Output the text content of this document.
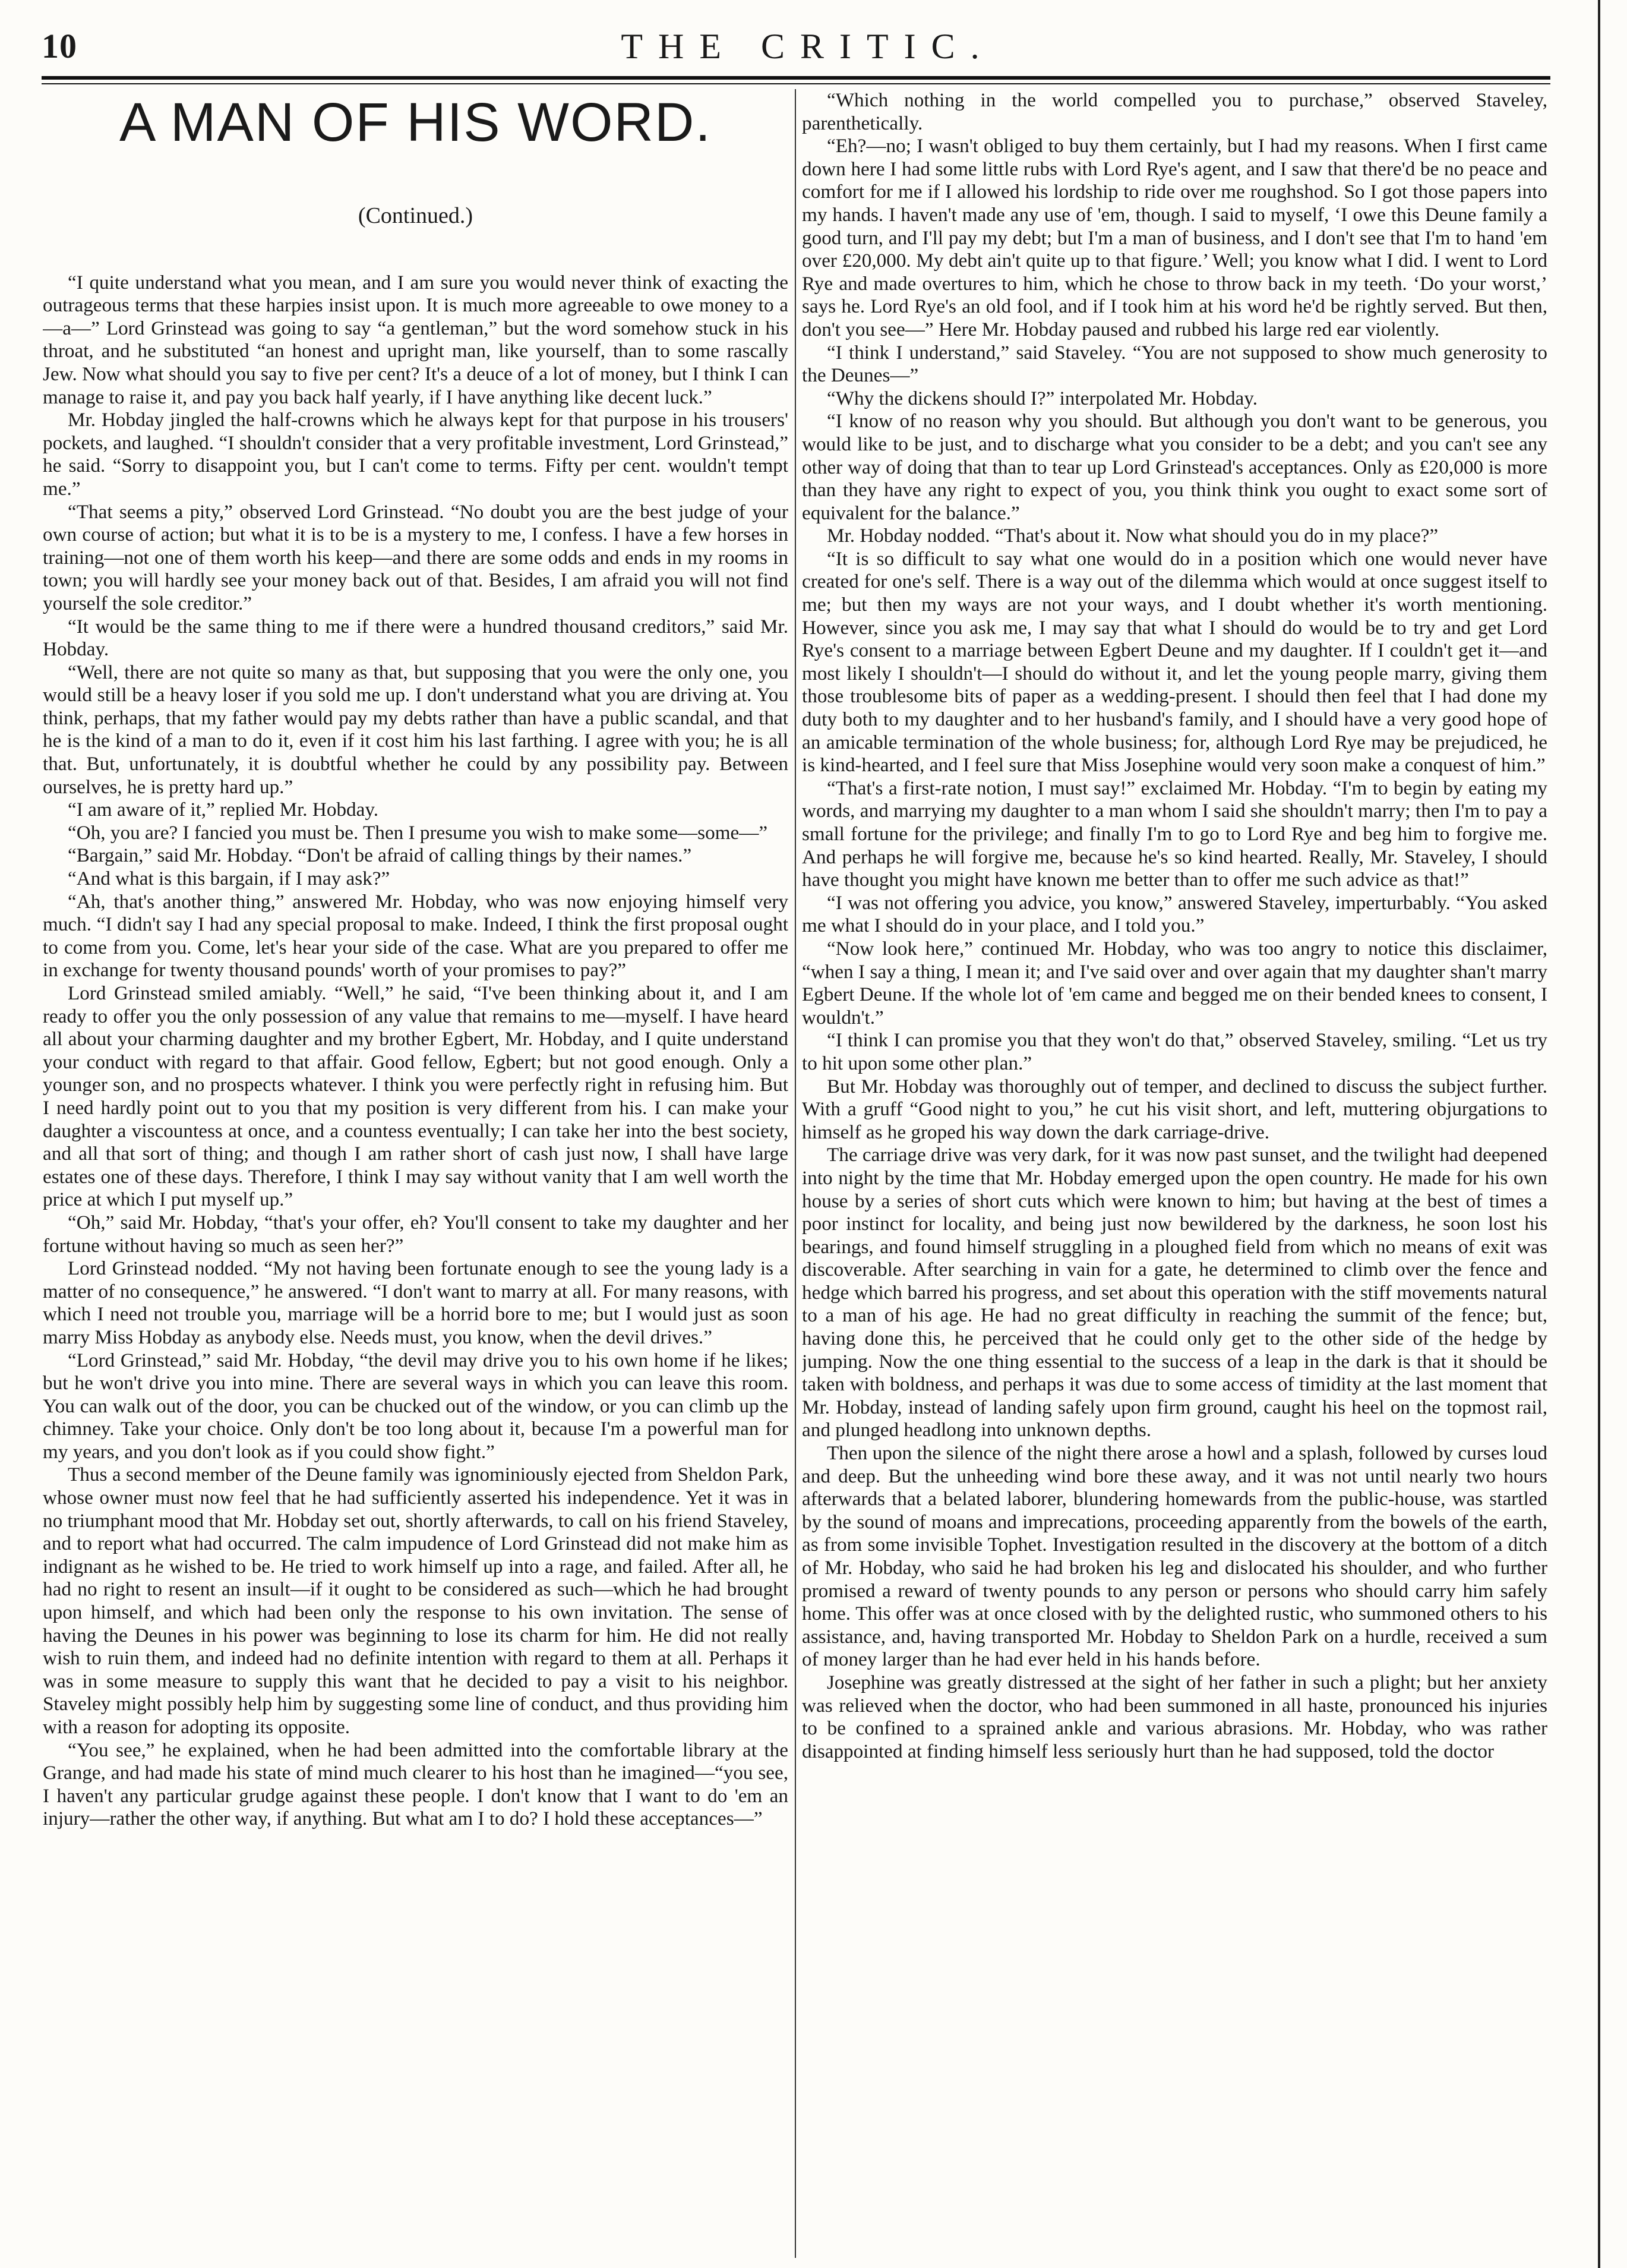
10	THE CRITIC.
A MAN OF HIS WORD.
(Continued.)

“I quite understand what you mean, and I am sure you would never think of exacting the outrageous terms that these harpies insist upon. It is much more agreeable to owe money to a —a—” Lord Grinstead was going to say “a gentleman,” but the word somehow stuck in his throat, and he substituted “an honest and upright man, like yourself, than to some rascally Jew. Now what should you say to five per cent? It's a deuce of a lot of money, but I think I can manage to raise it, and pay you back half yearly, if I have anything like decent luck.”

Mr. Hobday jingled the half-crowns which he always kept for that purpose in his trousers' pockets, and laughed. “I shouldn't consider that a very profitable investment, Lord Grinstead,” he said. “Sorry to disappoint you, but I can't come to terms. Fifty per cent. wouldn't tempt me.”

“That seems a pity,” observed Lord Grinstead. “No doubt you are the best judge of your own course of action; but what it is to be is a mystery to me, I confess. I have a few horses in training—not one of them worth his keep—and there are some odds and ends in my rooms in town; you will hardly see your money back out of that. Besides, I am afraid you will not find yourself the sole creditor.”

“It would be the same thing to me if there were a hundred thousand creditors,” said Mr. Hobday.

“Well, there are not quite so many as that, but supposing that you were the only one, you would still be a heavy loser if you sold me up. I don't understand what you are driving at. You think, perhaps, that my father would pay my debts rather than have a public scandal, and that he is the kind of a man to do it, even if it cost him his last farthing. I agree with you; he is all that. But, unfortunately, it is doubtful whether he could by any possibility pay. Between ourselves, he is pretty hard up.”

“I am aware of it,” replied Mr. Hobday.

“Oh, you are? I fancied you must be. Then I presume you wish to make some—some—”

“Bargain,” said Mr. Hobday. “Don't be afraid of calling things by their names.”

“And what is this bargain, if I may ask?”

“Ah, that's another thing,” answered Mr. Hobday, who was now enjoying himself very much. “I didn't say I had any special proposal to make. Indeed, I think the first proposal ought to come from you. Come, let's hear your side of the case. What are you prepared to offer me in exchange for twenty thousand pounds' worth of your promises to pay?”

Lord Grinstead smiled amiably. “Well,” he said, “I've been thinking about it, and I am ready to offer you the only possession of any value that remains to me—myself. I have heard all about your charming daughter and my brother Egbert, Mr. Hobday, and I quite understand your conduct with regard to that affair. Good fellow, Egbert; but not good enough. Only a younger son, and no prospects whatever. I think you were perfectly right in refusing him. But I need hardly point out to you that my position is very different from his. I can make your daughter a viscountess at once, and a countess eventually; I can take her into the best society, and all that sort of thing; and though I am rather short of cash just now, I shall have large estates one of these days. Therefore, I think I may say without vanity that I am well worth the price at which I put myself up.”

“Oh,” said Mr. Hobday, “that's your offer, eh? You'll consent to take my daughter and her fortune without having so much as seen her?”

Lord Grinstead nodded. “My not having been fortunate enough to see the young lady is a matter of no consequence,” he answered. “I don't want to marry at all. For many reasons, with which I need not trouble you, marriage will be a horrid bore to me; but I would just as soon marry Miss Hobday as anybody else. Needs must, you know, when the devil drives.”

“Lord Grinstead,” said Mr. Hobday, “the devil may drive you to his own home if he likes; but he won't drive you into mine. There are several ways in which you can leave this room. You can walk out of the door, you can be chucked out of the window, or you can climb up the chimney. Take your choice. Only don't be too long about it, because I'm a powerful man for my years, and you don't look as if you could show fight.”

Thus a second member of the Deune family was ignominiously ejected from Sheldon Park, whose owner must now feel that he had sufficiently asserted his independence. Yet it was in no triumphant mood that Mr. Hobday set out, shortly afterwards, to call on his friend Staveley, and to report what had occurred. The calm impudence of Lord Grinstead did not make him as indignant as he wished to be. He tried to work himself up into a rage, and failed. After all, he had no right to resent an insult—if it ought to be considered as such—which he had brought upon himself, and which had been only the response to his own invitation. The sense of having the Deunes in his power was beginning to lose its charm for him. He did not really wish to ruin them, and indeed had no definite intention with regard to them at all. Perhaps it was in some measure to supply this want that he decided to pay a visit to his neighbor. Staveley might possibly help him by suggesting some line of conduct, and thus providing him with a reason for adopting its opposite.

“You see,” he explained, when he had been admitted into the comfortable library at the Grange, and had made his state of mind much clearer to his host than he imagined—“you see, I haven't any particular grudge against these people. I don't know that I want to do 'em an injury—rather the other way, if anything. But what am I to do? I hold these acceptances—”

“Which nothing in the world compelled you to purchase,” observed Staveley, parenthetically.

“Eh?—no; I wasn't obliged to buy them certainly, but I had my reasons. When I first came down here I had some little rubs with Lord Rye's agent, and I saw that there'd be no peace and comfort for me if I allowed his lordship to ride over me roughshod. So I got those papers into my hands. I haven't made any use of 'em, though. I said to myself, ‘I owe this Deune family a good turn, and I'll pay my debt; but I'm a man of business, and I don't see that I'm to hand 'em over £20,000. My debt ain't quite up to that figure.’ Well; you know what I did. I went to Lord Rye and made overtures to him, which he chose to throw back in my teeth. ‘Do your worst,’ says he. Lord Rye's an old fool, and if I took him at his word he'd be rightly served. But then, don't you see—” Here Mr. Hobday paused and rubbed his large red ear violently.

“I think I understand,” said Staveley. “You are not supposed to show much generosity to the Deunes—”

“Why the dickens should I?” interpolated Mr. Hobday.

“I know of no reason why you should. But although you don't want to be generous, you would like to be just, and to discharge what you consider to be a debt; and you can't see any other way of doing that than to tear up Lord Grinstead's acceptances. Only as £20,000 is more than they have any right to expect of you, you think think you ought to exact some sort of equivalent for the balance.”

Mr. Hobday nodded. “That's about it. Now what should you do in my place?”

“It is so difficult to say what one would do in a position which one would never have created for one's self. There is a way out of the dilemma which would at once suggest itself to me; but then my ways are not your ways, and I doubt whether it's worth mentioning. However, since you ask me, I may say that what I should do would be to try and get Lord Rye's consent to a marriage between Egbert Deune and my daughter. If I couldn't get it—and most likely I shouldn't—I should do without it, and let the young people marry, giving them those troublesome bits of paper as a wedding-present. I should then feel that I had done my duty both to my daughter and to her husband's family, and I should have a very good hope of an amicable termination of the whole business; for, although Lord Rye may be prejudiced, he is kind-hearted, and I feel sure that Miss Josephine would very soon make a conquest of him.”

“That's a first-rate notion, I must say!” exclaimed Mr. Hobday. “I'm to begin by eating my words, and marrying my daughter to a man whom I said she shouldn't marry; then I'm to pay a small fortune for the privilege; and finally I'm to go to Lord Rye and beg him to forgive me. And perhaps he will forgive me, because he's so kind hearted. Really, Mr. Staveley, I should have thought you might have known me better than to offer me such advice as that!”

“I was not offering you advice, you know,” answered Staveley, imperturbably. “You asked me what I should do in your place, and I told you.”

“Now look here,” continued Mr. Hobday, who was too angry to notice this disclaimer, “when I say a thing, I mean it; and I've said over and over again that my daughter shan't marry Egbert Deune. If the whole lot of 'em came and begged me on their bended knees to consent, I wouldn't.”

“I think I can promise you that they won't do that,” observed Staveley, smiling. “Let us try to hit upon some other plan.”

But Mr. Hobday was thoroughly out of temper, and declined to discuss the subject further. With a gruff “Good night to you,” he cut his visit short, and left, muttering objurgations to himself as he groped his way down the dark carriage-drive.

The carriage drive was very dark, for it was now past sunset, and the twilight had deepened into night by the time that Mr. Hobday emerged upon the open country. He made for his own house by a series of short cuts which were known to him; but having at the best of times a poor instinct for locality, and being just now bewildered by the darkness, he soon lost his bearings, and found himself struggling in a ploughed field from which no means of exit was discoverable. After searching in vain for a gate, he determined to climb over the fence and hedge which barred his progress, and set about this operation with the stiff movements natural to a man of his age. He had no great difficulty in reaching the summit of the fence; but, having done this, he perceived that he could only get to the other side of the hedge by jumping. Now the one thing essential to the success of a leap in the dark is that it should be taken with boldness, and perhaps it was due to some access of timidity at the last moment that Mr. Hobday, instead of landing safely upon firm ground, caught his heel on the topmost rail, and plunged headlong into unknown depths.

Then upon the silence of the night there arose a howl and a splash, followed by curses loud and deep. But the unheeding wind bore these away, and it was not until nearly two hours afterwards that a belated laborer, blundering homewards from the public-house, was startled by the sound of moans and imprecations, proceeding apparently from the bowels of the earth, as from some invisible Tophet. Investigation resulted in the discovery at the bottom of a ditch of Mr. Hobday, who said he had broken his leg and dislocated his shoulder, and who further promised a reward of twenty pounds to any person or persons who should carry him safely home. This offer was at once closed with by the delighted rustic, who summoned others to his assistance, and, having transported Mr. Hobday to Sheldon Park on a hurdle, received a sum of money larger than he had ever held in his hands before.

Josephine was greatly distressed at the sight of her father in such a plight; but her anxiety was relieved when the doctor, who had been summoned in all haste, pronounced his injuries to be confined to a sprained ankle and various abrasions. Mr. Hobday, who was rather disappointed at finding himself less seriously hurt than he had supposed, told the doctor
